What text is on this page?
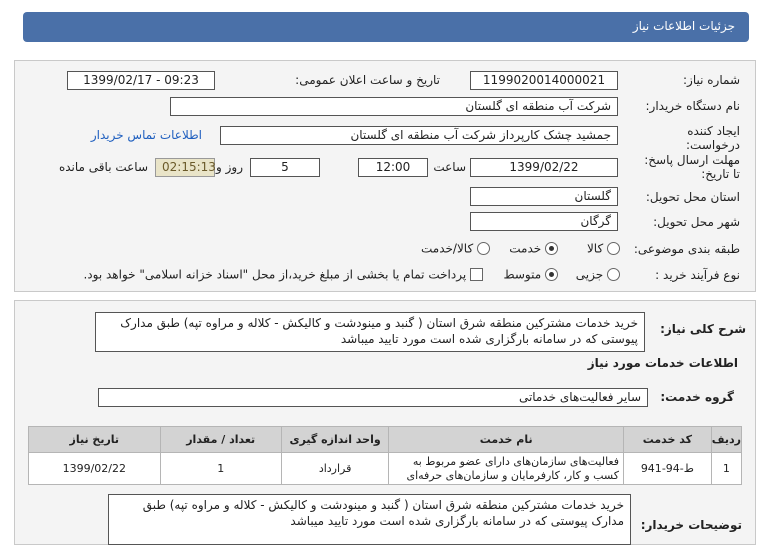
جزئیات اطلاعات نیاز
شماره نیاز:
1199020014000021
تاریخ و ساعت اعلان عمومی:
1399/02/17 - 09:23
نام دستگاه خریدار:
شرکت آب منطقه ای گلستان
ایجاد کننده
درخواست:
جمشید چشک کارپرداز شرکت آب منطقه ای گلستان
اطلاعات تماس خریدار
مهلت ارسال پاسخ:
تا تاریخ:
1399/02/22
ساعت
12:00
5
روز و
02:15:13
ساعت باقی مانده
استان محل تحویل:
گلستان
شهر محل تحویل:
گرگان
طبقه بندی موضوعی:
کالا
خدمت
کالا/خدمت
نوع فرآیند خرید :
جزیی
متوسط
پرداخت تمام یا بخشی از مبلغ خرید،از محل "اسناد خزانه اسلامی" خواهد بود.
شرح کلی نیاز:
خرید خدمات مشترکین منطقه شرق استان ( گنبد و مینودشت و کالیکش - کلاله و مراوه تپه) طبق مدارک پیوستی که در سامانه بارگزاری شده است مورد تایید میباشد
اطلاعات خدمات مورد نیاز
گروه خدمت:
سایر فعالیت‌های خدماتی
ردیف	کد خدمت	نام خدمت	واحد اندازه گیری	تعداد / مقدار	تاریخ نیاز
1	ط-94-941	فعالیت‌های سازمان‌های دارای عضو مربوط به کسب و کار، کارفرمایان و سازمان‌های حرفه‌ای	قرارداد	1	1399/02/22
توضیحات خریدار:
خرید خدمات مشترکین منطقه شرق استان ( گنبد و مینودشت و کالیکش - کلاله و مراوه تپه) طبق مدارک پیوستی که در سامانه بارگزاری شده است مورد تایید میباشد
